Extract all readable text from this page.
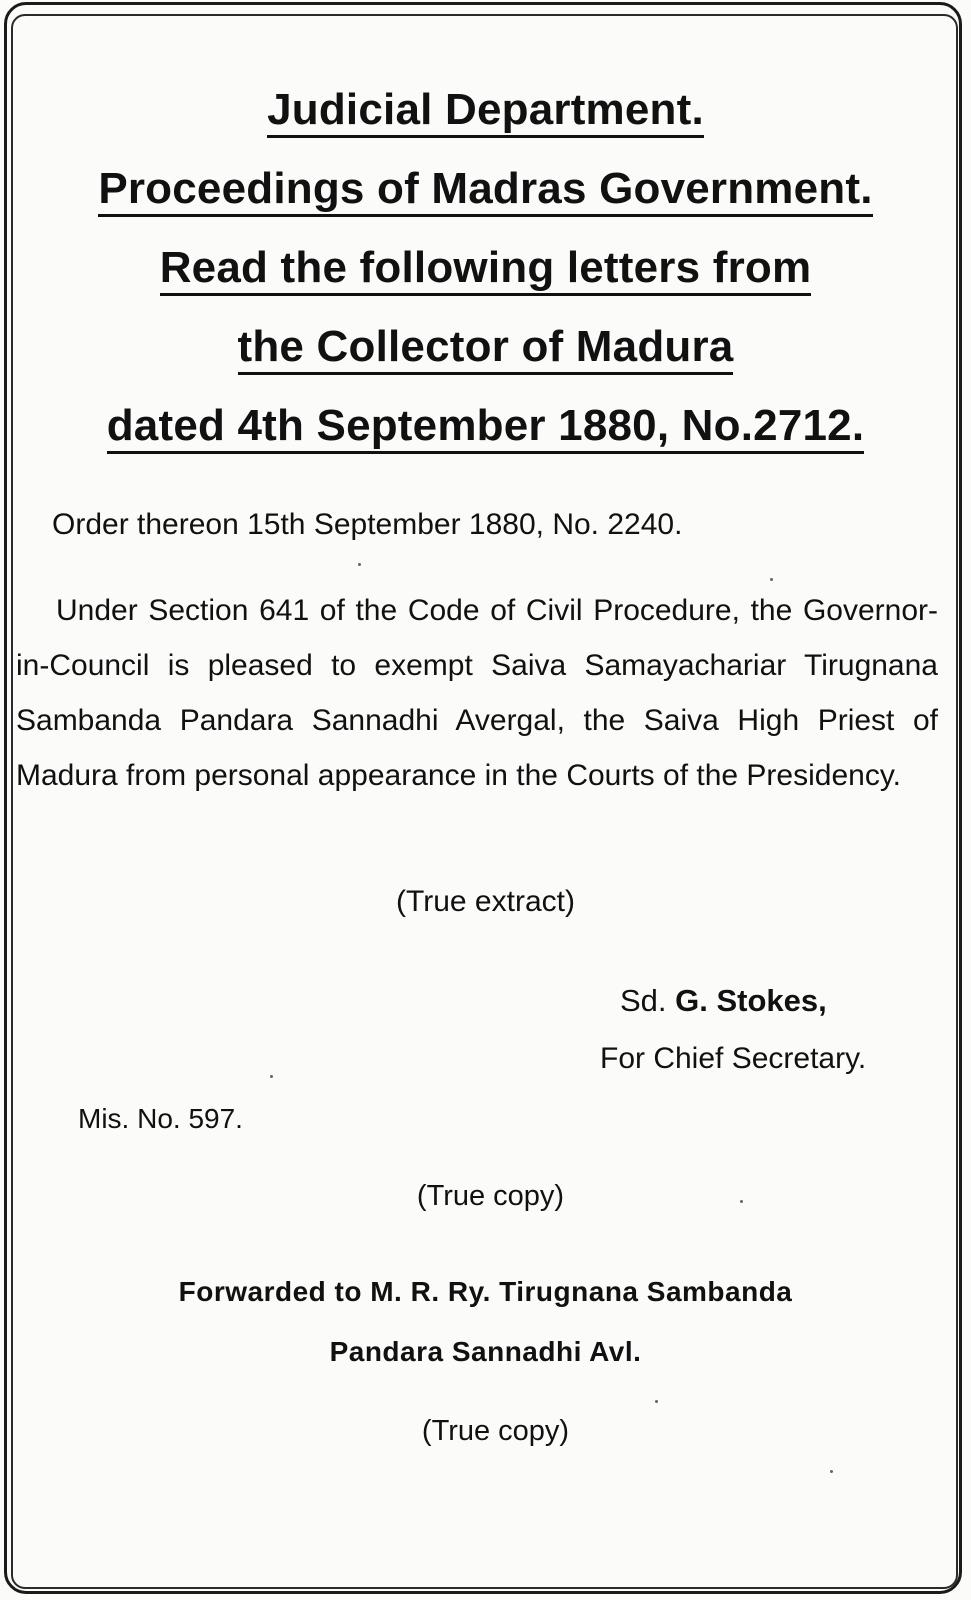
Judicial Department.
Proceedings of Madras Government.
Read the following letters from
the Collector of Madura
dated 4th September 1880, No.2712.
Order thereon 15th September 1880, No. 2240.
Under Section 641 of the Code of Civil Procedure, the Governor-in-Council is pleased to exempt Saiva Samayachariar Tirugnana Sambanda Pandara Sannadhi Avergal, the Saiva High Priest of Madura from personal appearance in the Courts of the Presidency.
(True extract)
Sd. G. Stokes,
For Chief Secretary.
Mis. No. 597.
(True copy)
Forwarded to M. R. Ry. Tirugnana Sambanda
Pandara Sannadhi Avl.
(True copy)
